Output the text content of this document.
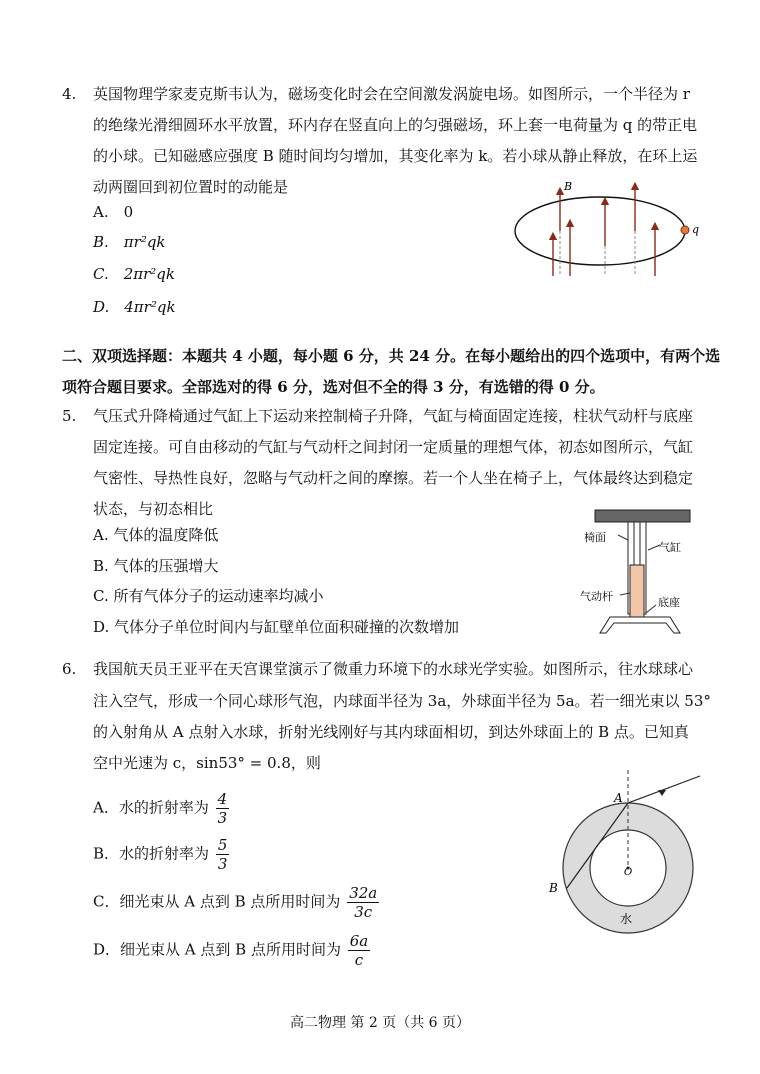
4. 英国物理学家麦克斯韦认为，磁场变化时会在空间激发涡旋电场。如图所示，一个半径为 r
的绝缘光滑细圆环水平放置，环内存在竖直向上的匀强磁场，环上套一电荷量为 q 的带正电
的小球。已知磁感应强度 B 随时间均匀增加，其变化率为 k。若小球从静止释放，在环上运
动两圈回到初位置时的动能是
A.　0
B.　πr²qk
C.　2πr²qk
D.　4πr²qk
B
q
二、双项选择题：本题共 4 小题，每小题 6 分，共 24 分。在每小题给出的四个选项中，有两个选
项符合题目要求。全部选对的得 6 分，选对但不全的得 3 分，有选错的得 0 分。
5. 气压式升降椅通过气缸上下运动来控制椅子升降，气缸与椅面固定连接，柱状气动杆与底座
固定连接。可自由移动的气缸与气动杆之间封闭一定质量的理想气体，初态如图所示，气缸
气密性、导热性良好，忽略与气动杆之间的摩擦。若一个人坐在椅子上，气体最终达到稳定
状态，与初态相比
A. 气体的温度降低
B. 气体的压强增大
C. 所有气体分子的运动速率均减小
D. 气体分子单位时间内与缸壁单位面积碰撞的次数增加
椅面
气缸
气动杆	底座
6. 我国航天员王亚平在天宫课堂演示了微重力环境下的水球光学实验。如图所示，往水球球心
注入空气，形成一个同心球形气泡，内球面半径为 3a，外球面半径为 5a。若一细光束以 53°
的入射角从 A 点射入水球，折射光线刚好与其内球面相切，到达外球面上的 B 点。已知真
空中光速为 c，sin53° = 0.8，则
A．水的折射率为 $\frac{4}{3}$
B．水的折射率为 $\frac{5}{3}$
C．细光束从 A 点到 B 点所用时间为 $\frac{32a}{3c}$
D．细光束从 A 点到 B 点所用时间为 $\frac{6a}{c}$
A
B
O
水
高二物理 第 2 页（共 6 页）
